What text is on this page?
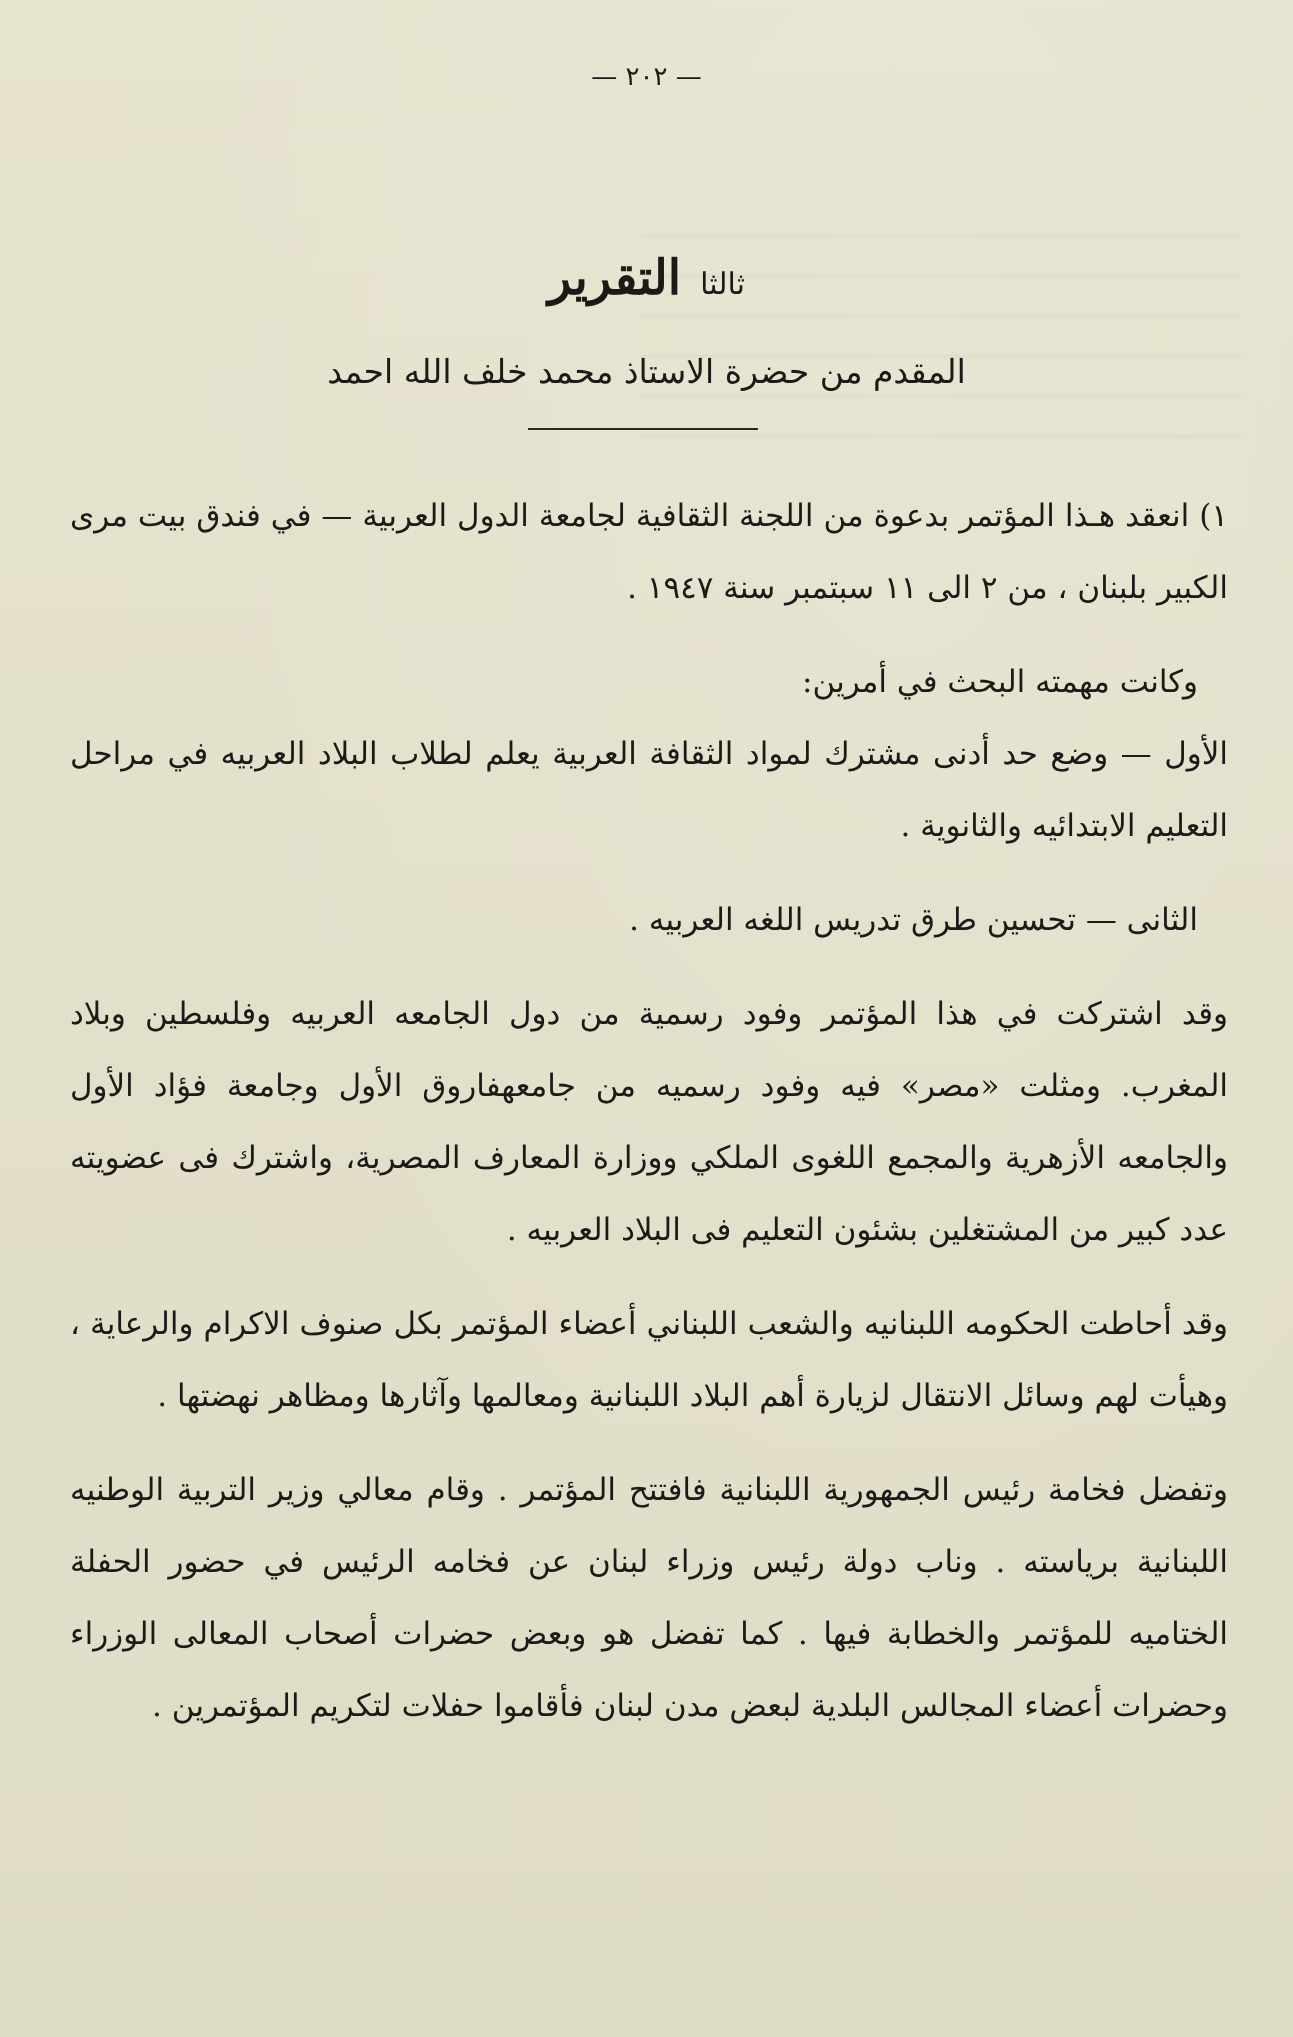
— ٢٠٢ —
ثالثا التقرير
المقدم من حضرة الاستاذ محمد خلف الله احمد

١) انعقد هـذا المؤتمر بدعوة من اللجنة الثقافية لجامعة الدول العربية — في فندق بيت مرى الكبير بلبنان ، من ٢ الى ١١ سبتمبر سنة ١٩٤٧ .

وكانت مهمته البحث في أمرين:

الأول — وضع حد أدنى مشترك لمواد الثقافة العربية يعلم لطلاب البلاد العربيه في مراحل التعليم الابتدائيه والثانوية .

الثانى — تحسين طرق تدريس اللغه العربيه .

وقد اشتركت في هذا المؤتمر وفود رسمية من دول الجامعه العربيه وفلسطين وبلاد المغرب. ومثلت «مصر» فيه وفود رسميه من جامعهفاروق الأول وجامعة فؤاد الأول والجامعه الأزهرية والمجمع اللغوى الملكي ووزارة المعارف المصرية، واشترك فى عضويته عدد كبير من المشتغلين بشئون التعليم فى البلاد العربيه .

وقد أحاطت الحكومه اللبنانيه والشعب اللبناني أعضاء المؤتمر بكل صنوف الاكرام والرعاية ، وهيأت لهم وسائل الانتقال لزيارة أهم البلاد اللبنانية ومعالمها وآثارها ومظاهر نهضتها .

وتفضل فخامة رئيس الجمهورية اللبنانية فافتتح المؤتمر . وقام معالي وزير التربية الوطنيه اللبنانية برياسته . وناب دولة رئيس وزراء لبنان عن فخامه الرئيس في حضور الحفلة الختاميه للمؤتمر والخطابة فيها . كما تفضل هو وبعض حضرات أصحاب المعالى الوزراء وحضرات أعضاء المجالس البلدية لبعض مدن لبنان فأقاموا حفلات لتكريم المؤتمرين .
